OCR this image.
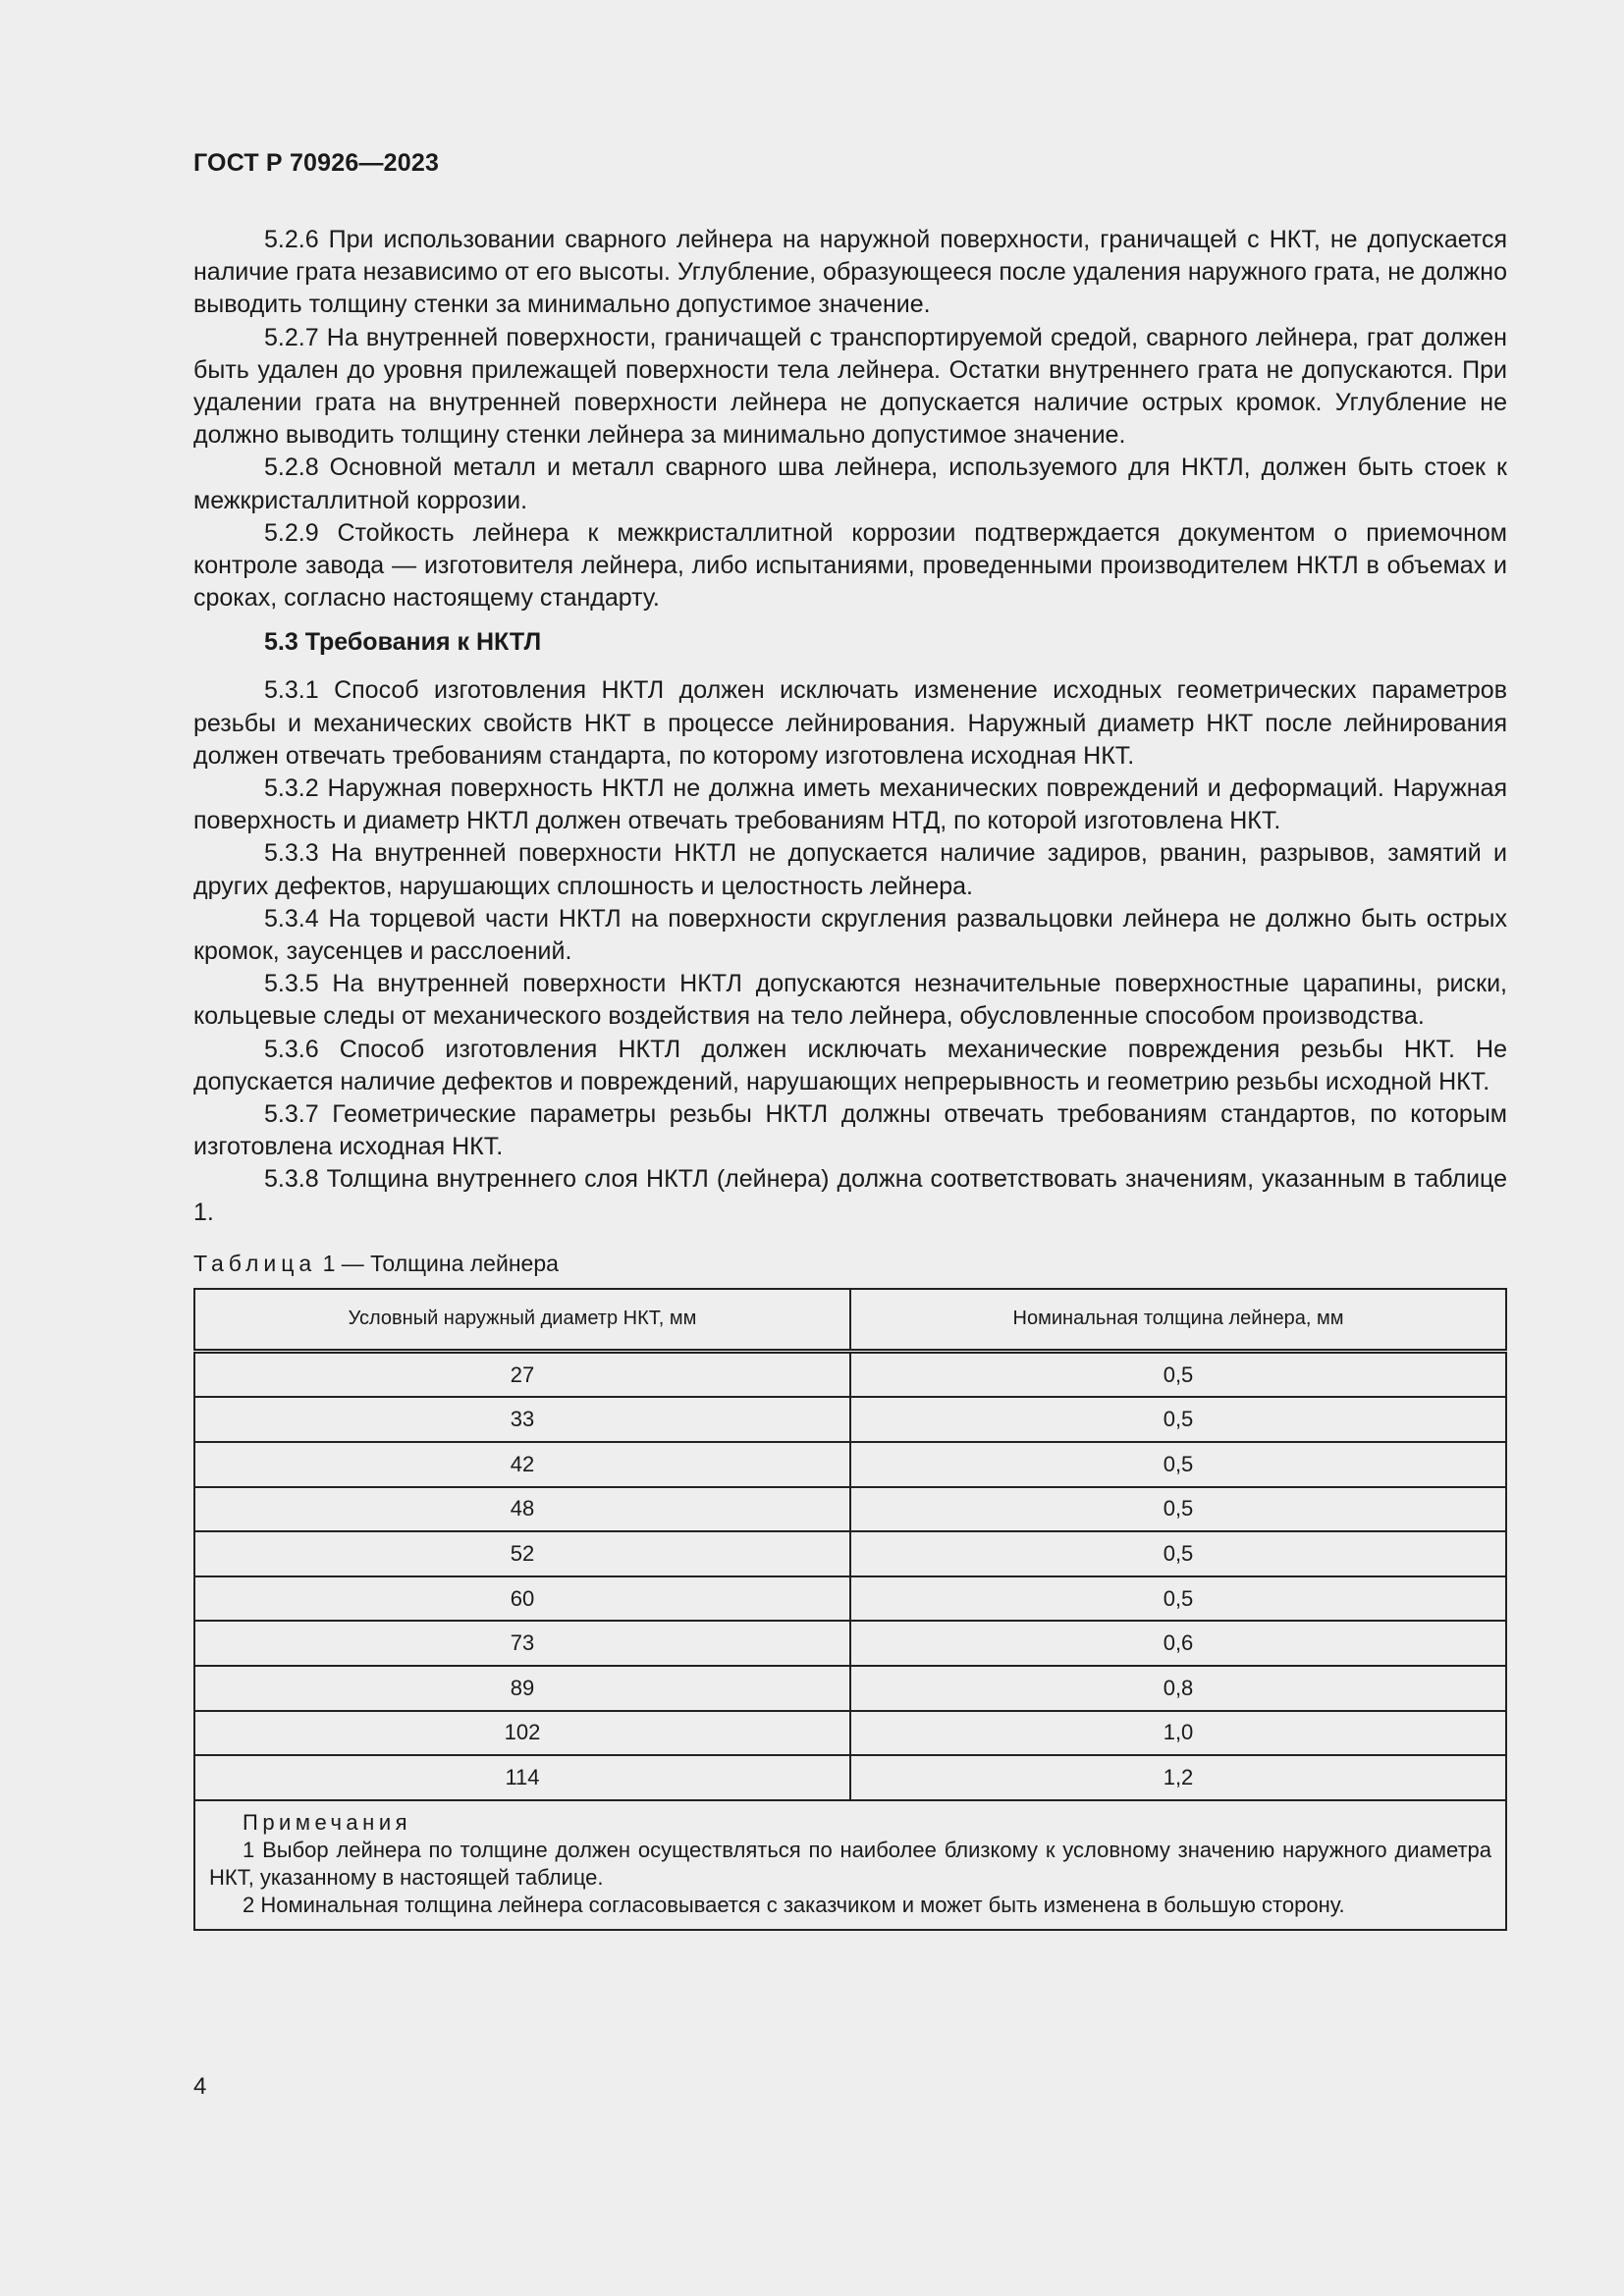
ГОСТ Р 70926—2023

5.2.6 При использовании сварного лейнера на наружной поверхности, граничащей с НКТ, не допускается наличие грата независимо от его высоты. Углубление, образующееся после удаления наружного грата, не должно выводить толщину стенки за минимально допустимое значение.

5.2.7 На внутренней поверхности, граничащей с транспортируемой средой, сварного лейнера, грат должен быть удален до уровня прилежащей поверхности тела лейнера. Остатки внутреннего грата не допускаются. При удалении грата на внутренней поверхности лейнера не допускается наличие острых кромок. Углубление не должно выводить толщину стенки лейнера за минимально допустимое значение.

5.2.8 Основной металл и металл сварного шва лейнера, используемого для НКТЛ, должен быть стоек к межкристаллитной коррозии.

5.2.9 Стойкость лейнера к межкристаллитной коррозии подтверждается документом о приемочном контроле завода — изготовителя лейнера, либо испытаниями, проведенными производителем НКТЛ в объемах и сроках, согласно настоящему стандарту.

5.3 Требования к НКТЛ

5.3.1 Способ изготовления НКТЛ должен исключать изменение исходных геометрических параметров резьбы и механических свойств НКТ в процессе лейнирования. Наружный диаметр НКТ после лейнирования должен отвечать требованиям стандарта, по которому изготовлена исходная НКТ.

5.3.2 Наружная поверхность НКТЛ не должна иметь механических повреждений и деформаций. Наружная поверхность и диаметр НКТЛ должен отвечать требованиям НТД, по которой изготовлена НКТ.

5.3.3 На внутренней поверхности НКТЛ не допускается наличие задиров, рванин, разрывов, замятий и других дефектов, нарушающих сплошность и целостность лейнера.

5.3.4 На торцевой части НКТЛ на поверхности скругления развальцовки лейнера не должно быть острых кромок, заусенцев и расслоений.

5.3.5 На внутренней поверхности НКТЛ допускаются незначительные поверхностные царапины, риски, кольцевые следы от механического воздействия на тело лейнера, обусловленные способом производства.

5.3.6 Способ изготовления НКТЛ должен исключать механические повреждения резьбы НКТ. Не допускается наличие дефектов и повреждений, нарушающих непрерывность и геометрию резьбы исходной НКТ.

5.3.7 Геометрические параметры резьбы НКТЛ должны отвечать требованиям стандартов, по которым изготовлена исходная НКТ.

5.3.8 Толщина внутреннего слоя НКТЛ (лейнера) должна соответствовать значениям, указанным в таблице 1.

Таблица 1 — Толщина лейнера
Условный наружный диаметр НКТ, мм	Номинальная толщина лейнера, мм
27	0,5
33	0,5
42	0,5
48	0,5
52	0,5
60	0,5
73	0,6
89	0,8
102	1,0
114	1,2

Примечания

1 Выбор лейнера по толщине должен осуществляться по наиболее близкому к условному значению наружного диаметра НКТ, указанному в настоящей таблице.

2 Номинальная толщина лейнера согласовывается с заказчиком и может быть изменена в большую сторону.	

4
